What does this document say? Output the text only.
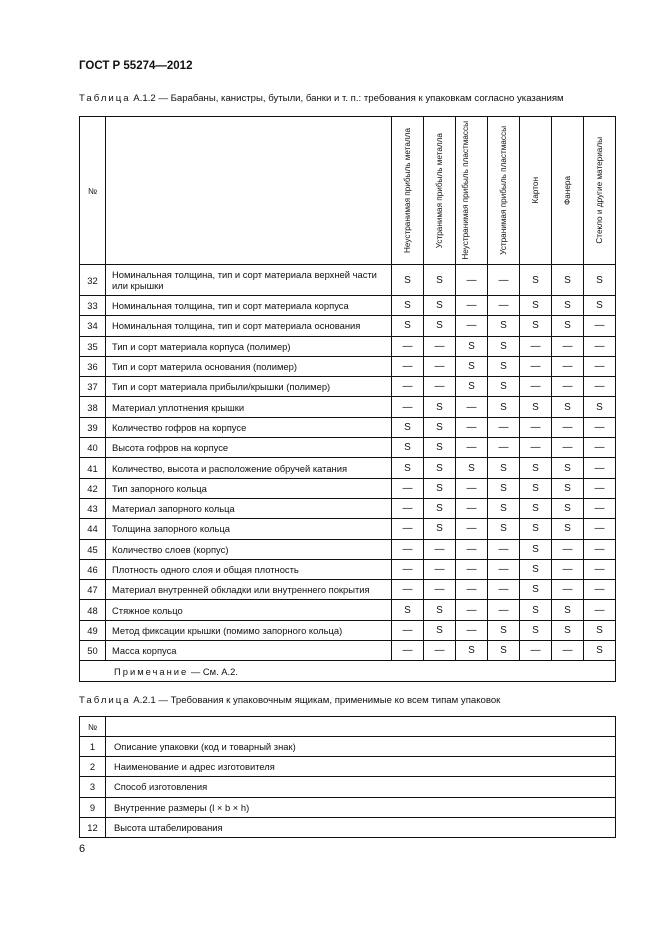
ГОСТ Р 55274—2012
Таблица А.1.2 — Барабаны, канистры, бутыли, банки и т. п.: требования к упаковкам согласно указаниям
№		Неустранимая прибыль металла	Устранимая прибыль металла	Неустранимая прибыль пластмассы	Устранимая прибыль пластмассы	Картон	Фанера	Стекло и другие материалы

32	Номинальная толщина, тип и сорт материала верхней части или крышки	S	S	—	—	S	S	S
33	Номинальная толщина, тип и сорт материала корпуса	S	S	—	—	S	S	S
34	Номинальная толщина, тип и сорт материала основания	S	S	—	S	S	S	—
35	Тип и сорт материала корпуса (полимер)	—	—	S	S	—	—	—
36	Тип и сорт материла основания (полимер)	—	—	S	S	—	—	—
37	Тип и сорт материала прибыли/крышки (полимер)	—	—	S	S	—	—	—
38	Материал уплотнения крышки	—	S	—	S	S	S	S
39	Количество гофров на корпусе	S	S	—	—	—	—	—
40	Высота гофров на корпусе	S	S	—	—	—	—	—
41	Количество, высота и расположение обручей катания	S	S	S	S	S	S	—
42	Тип запорного кольца	—	S	—	S	S	S	—
43	Материал запорного кольца	—	S	—	S	S	S	—
44	Толщина запорного кольца	—	S	—	S	S	S	—
45	Количество слоев (корпус)	—	—	—	—	S	—	—
46	Плотность одного слоя и общая плотность	—	—	—	—	S	—	—
47	Материал внутренней обкладки или внутреннего покрытия	—	—	—	—	S	—	—
48	Стяжное кольцо	S	S	—	—	S	S	—
49	Метод фиксации крышки (помимо запорного кольца)	—	S	—	S	S	S	S
50	Масса корпуса	—	—	S	S	—	—	S
Примечание — См. А.2.								
Таблица А.2.1 — Требования к упаковочным ящикам, применимые ко всем типам упаковок
№	
1	Описание упаковки (код и товарный знак)
2	Наименование и адрес изготовителя
3	Способ изготовления
9	Внутренние размеры (l × b × h)
12	Высота штабелирования
6
